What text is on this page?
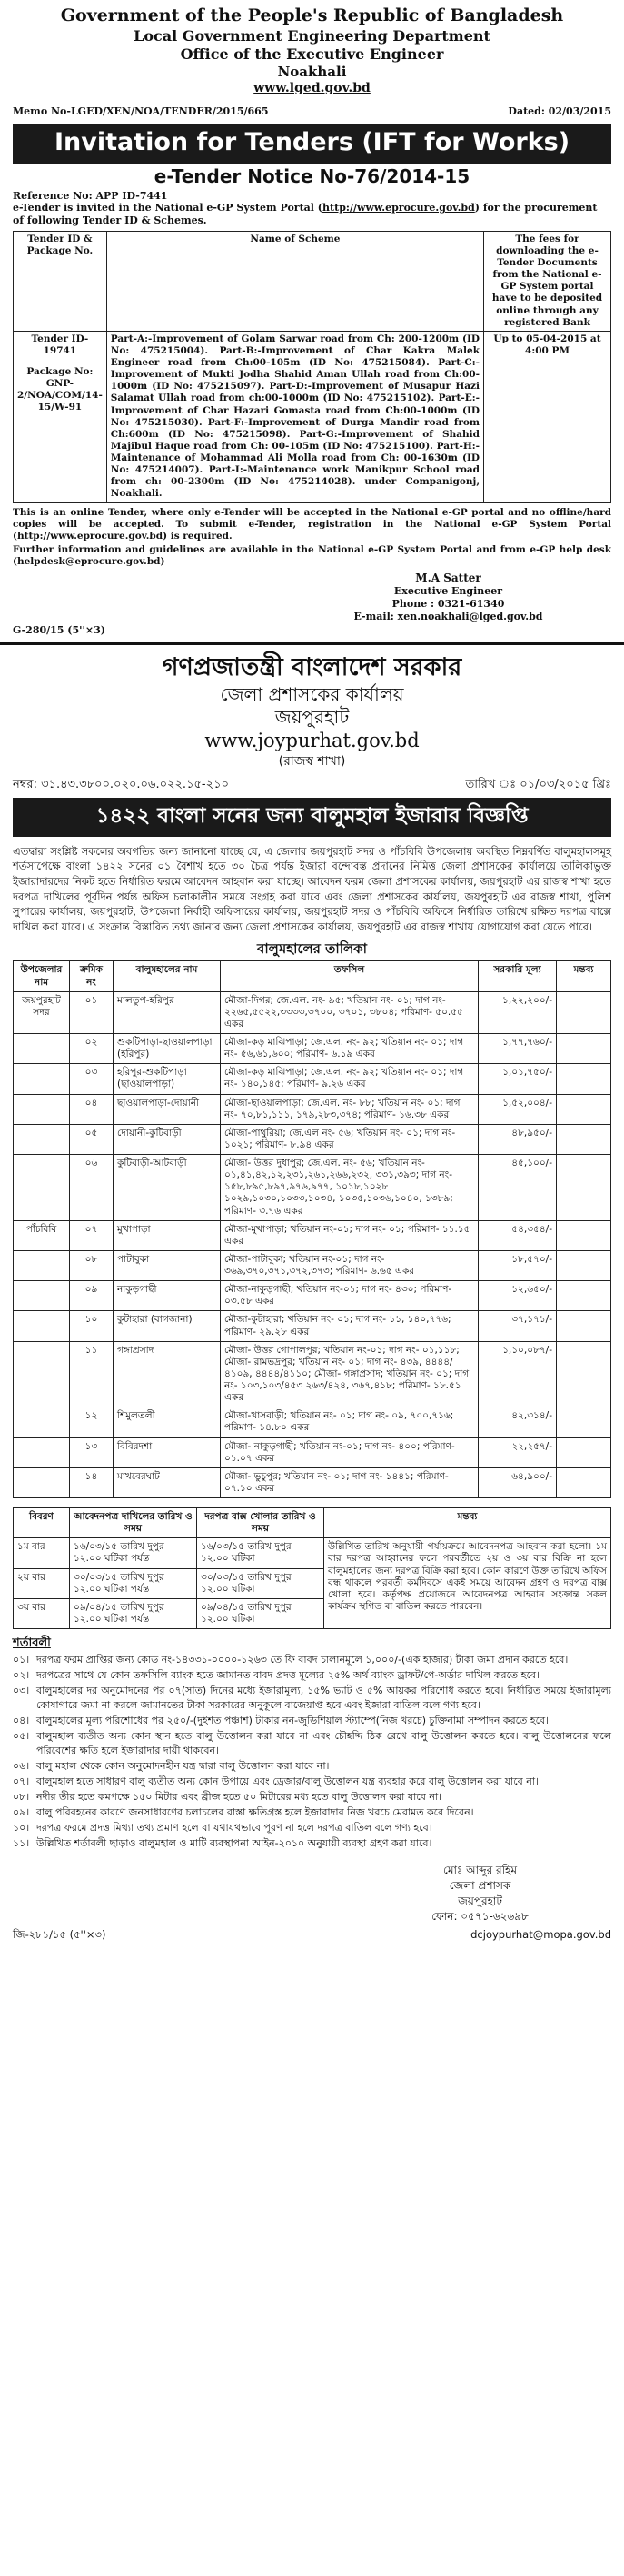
Government of the People's Republic of Bangladesh
Local Government Engineering Department
Office of the Executive Engineer
Noakhali
www.lged.gov.bd
Memo No-LGED/XEN/NOA/TENDER/2015/665	Dated: 02/03/2015
Invitation for Tenders (IFT for Works)
e-Tender Notice No-76/2014-15

Reference No: APP ID-7441

e-Tender is invited in the National e-GP System Portal (http://www.eprocure.gov.bd) for the procurement of following Tender ID & Schemes.

Tender ID & Package No.	Name of Scheme	The fees for downloading the e-Tender Documents from the National e-GP System portal have to be deposited online through any registered Bank

Tender ID-19741
Package No: GNP-2/NOA/COM/14-15/W-91	Part-A:-Improvement of Golam Sarwar road from Ch: 200-1200m (ID No: 475215004). Part-B:-Improvement of Char Kakra Malek Engineer road from Ch:00-105m (ID No: 475215084). Part-C:-Improvement of Mukti Jodha Shahid Aman Ullah road from Ch:00-1000m (ID No: 475215097). Part-D:-Improvement of Musapur Hazi Salamat Ullah road from ch:00-1000m (ID No: 475215102). Part-E:-Improvement of Char Hazari Gomasta road from Ch:00-1000m (ID No: 475215030). Part-F:-Improvement of Durga Mandir road from Ch:600m (ID No: 475215098). Part-G:-Improvement of Shahid Majibul Haque road from Ch: 00-105m (ID No: 475215100). Part-H:-Maintenance of Mohammad Ali Molla road from Ch: 00-1630m (ID No: 475214007). Part-I:-Maintenance work Manikpur School road from ch: 00-2300m (ID No: 475214028). under Companigonj, Noakhali.	Up to 05-04-2015 at 4:00 PM

This is an online Tender, where only e-Tender will be accepted in the National e-GP portal and no offline/hard copies will be accepted. To submit e-Tender, registration in the National e-GP System Portal (http://www.eprocure.gov.bd) is required.

Further information and guidelines are available in the National e-GP System Portal and from e-GP help desk (helpdesk@eprocure.gov.bd)

M.A Satter
Executive Engineer
Phone : 0321-61340
E-mail: xen.noakhali@lged.gov.bd
G-280/15 (5''×3)
গণপ্রজাতন্ত্রী বাংলাদেশ সরকার
জেলা প্রশাসকের কার্যালয়
জয়পুরহাট
www.joypurhat.gov.bd
(রাজস্ব শাখা)
নম্বর: ৩১.৪৩.৩৮০০.০২০.০৬.০২২.১৫-২১০	তারিখ ঃ ০১/০৩/২০১৫ খ্রিঃ
১৪২২ বাংলা সনের জন্য বালুমহাল ইজারার বিজ্ঞপ্তি

এতদ্বারা সংশ্লিষ্ট সকলের অবগতির জন্য জানানো যাচ্ছে যে, এ জেলার জয়পুরহাট সদর ও পাঁচবিবি উপজেলায় অবস্থিত নিম্নবর্ণিত বালুমহালসমূহ শর্তসাপেক্ষে বাংলা ১৪২২ সনের ০১ বৈশাখ হতে ৩০ চৈত্র পর্যন্ত ইজারা বন্দোবস্ত প্রদানের নিমিত্ত জেলা প্রশাসকের কার্যালয়ে তালিকাভুক্ত ইজারাদারদের নিকট হতে নির্ধারিত ফরমে আবেদন আহবান করা যাচ্ছে। আবেদন ফরম জেলা প্রশাসকের কার্যালয়, জয়পুরহাট এর রাজস্ব শাখা হতে দরপত্র দাখিলের পূর্বদিন পর্যন্ত অফিস চলাকালীন সময়ে সংগ্রহ করা যাবে এবং জেলা প্রশাসকের কার্যালয়, জয়পুরহাট এর রাজস্ব শাখা, পুলিশ সুপারের কার্যালয়, জয়পুরহাট, উপজেলা নির্বাহী অফিসারের কার্যালয়, জয়পুরহাট সদর ও পাঁচবিবি অফিসে নির্ধারিত তারিখে রক্ষিত দরপত্র বাক্সে দাখিল করা যাবে। এ সংক্রান্ত বিস্তারিত তথ্য জানার জন্য জেলা প্রশাসকের কার্যালয়, জয়পুরহাট এর রাজস্ব শাখায় যোগাযোগ করা যেতে পারে।

বালুমহালের তালিকা
উপজেলার নাম	ক্রমিক নং	বালুমহালের নাম	তফসিল	সরকারি মূল্য	মন্তব্য
জয়পুরহাট সদর	০১	মালতুপ-হরিপুর	মৌজা-দিগর; জে.এল. নং- ৯৫; খতিয়ান নং- ০১; দাগ নং- ২২৬৫,৫৫২২,৩৩৩৩,৩৭০০, ৩৭০১, ৩৮০৪; পরিমাণ- ৫০.৫৫ একর	১,২২,২০০/-	
	০২	শুকটিপাড়া-ছাওয়ালপাড়া (হরিপুর)	মৌজা-কড় মাঝিপাড়া; জে.এল. নং- ৯২; খতিয়ান নং- ০১; দাগ নং- ৫৬,৬১,৬০০; পরিমাণ- ৬.১৯ একর	১,৭৭,৭৬০/-	
	০৩	হরিপুর-শুকটিপাড়া (ছাওয়ালপাড়া)	মৌজা-কড় মাঝিপাড়া; জে.এল. নং- ৯২; খতিয়ান নং- ০১; দাগ নং- ১৪০,১৪৫; পরিমাণ- ৯.২৬ একর	১,০১,৭৫০/-	
	০৪	ছাওয়ালপাড়া-দোয়ানী	মৌজা-ছাওয়ালপাড়া; জে.এল. নং- ৮৮; খতিয়ান নং- ০১; দাগ নং- ৭০,৮১,১১১, ১৭৯,২৮৩,৩৭৪; পরিমাণ- ১৬.৩৮ একর	১,৫২,০০৪/-	
	০৫	দোয়ানী-কুটিবাড়ী	মৌজা-পাথুরিয়া; জে.এল নং- ৫৬; খতিয়ান নং- ০১; দাগ নং- ১০২১; পরিমাণ- ৮.৯৪ একর	৪৮,৯৫০/-	
	০৬	কুটিবাড়ী-আটবাড়ী	মৌজা- উত্তর দুধাপুর; জে.এল. নং- ৫৬; খতিয়ান নং- ০১,৪১,৪২,১২,২৩১,২৬১,২৬৬,২৩২, ৩৩১,৩৯৩; দাগ নং- ১৫৮,৮৯৫,৮৯৭,৯৭৬,৯৭৭, ১০১৮,১০২৮ ১০২৯,১০৩০,১০৩৩,১০৩৪, ১০৩৫,১০৩৬,১০৪০, ১৩৮৯; পরিমাণ- ৩.৭৬ একর	৪৫,১০০/-	
পাঁচবিবি	০৭	মুখাপাড়া	মৌজা-মুখাপাড়া; খতিয়ান নং-০১; দাগ নং- ০১; পরিমাণ- ১১.১৫ একর	৫৪,৩৫৪/-	
	০৮	পাটাবুকা	মৌজা-পাটাবুকা; খতিয়ান নং-০১; দাগ নং- ৩৬৯,৩৭০,৩৭১,৩৭২,৩৭৩; পরিমাণ- ৬.৬৫ একর	১৮,৫৭০/-	
	০৯	নাকুড়গাছী	মৌজা-নাকুড়গাছী; খতিয়ান নং-০১; দাগ নং- ৪৩০; পরিমাণ- ০৩.৫৮ একর	১২,৬৫০/-	
	১০	কুটাহারা (বাগজানা)	মৌজা-কুটাহারা; খতিয়ান নং- ০১; দাগ নং- ১১, ১৪০,৭৭৬; পরিমাণ- ২৯.২৮ একর	৩৭,১৭১/-	
	১১	গঙ্গাপ্রসাদ	মৌজা- উত্তর গোপালপুর; খতিয়ান নং-০১; দাগ নং- ০১,১১৮; মৌজা- রামভদ্রপুর; খতিয়ান নং- ০১; দাগ নং- ৪৩৯, ৪৪৪৪/ ৪১০৯, ৪৪৪৪/৪১১০; মৌজা- গঙ্গাপ্রসাদ; খতিয়ান নং- ০১; দাগ নং- ১০৩,১০৩/৪৫৩ ২৬৩/৪২৪, ৩৬৭,৪১৮; পরিমাণ- ১৮.৫১ একর	১,১০,০৮৭/-	
	১২	শিমুলতলী	মৌজা-খাসবাড়ী; খতিয়ান নং- ০১; দাগ নং- ০৯, ৭০০,৭১৬; পরিমাণ- ১৪.৮০ একর	৪২,৩১৪/-	
	১৩	বিবিরদশা	মৌজা- নাকুড়গাছী; খতিয়ান নং-০১; দাগ নং- ৪০০; পরিমাণ- ০১.০৭ একর	২২,২৫৭/-	
	১৪	মাখবেরঘাট	মৌজা- ভুচুপুর; খতিয়ান নং- ০১; দাগ নং- ১৪৪১; পরিমাণ- ০৭.১০ একর	৬৪,৯০০/-	
বিবরণ	আবেদনপত্র দাখিলের তারিখ ও সময়	দরপত্র বাক্স খোলার তারিখ ও সময়	মন্তব্য
১ম বার	১৬/০৩/১৫ তারিখ দুপুর ১২.০০ ঘটিকা পর্যন্ত	১৬/০৩/১৫ তারিখ দুপুর ১২.০০ ঘটিকা	উল্লিখিত তারিখ অনুযায়ী পর্যায়ক্রমে আবেদনপত্র আহবান করা হলো। ১ম বার দরপত্র আহ্বানের ফলে পরবর্তীতে ২য় ও ৩য় বার বিক্রি না হলে বালুমহালের জন্য দরপত্র বিক্রি করা হবে। কোন কারণে উক্ত তারিখে অফিস বন্ধ থাকলে পরবর্তী কর্মদিবসে একই সময়ে আবেদন গ্রহণ ও দরপত্র বাক্স খোলা হবে। কর্তৃপক্ষ প্রয়োজনে আবেদনপত্র আহবান সংক্রান্ত সকল কার্যক্রম স্থগিত বা বাতিল করতে পারবেন।
২য় বার	৩০/০৩/১৫ তারিখ দুপুর ১২.০০ ঘটিকা পর্যন্ত	৩০/০৩/১৫ তারিখ দুপুর ১২.০০ ঘটিকা	
৩য় বার	০৯/০৪/১৫ তারিখ দুপুর ১২.০০ ঘটিকা পর্যন্ত	০৯/০৪/১৫ তারিখ দুপুর ১২.০০ ঘটিকা	
শর্তাবলী
০১। দরপত্র ফরম প্রাপ্তির জন্য কোড নং-১৪৩৩১-০০০০-১২৬৩ তে ফি বাবদ চালানমূলে ১,০০০/-(এক হাজার) টাকা জমা প্রদান করতে হবে।
০২। দরপত্রের সাথে যে কোন তফসিলি ব্যাংক হতে জামানত বাবদ প্রদত্ত মূল্যের ২৫% অর্থ ব্যাংক ড্রাফট/পে-অর্ডার দাখিল করতে হবে।
০৩। বালুমহালের দর অনুমোদনের পর ০৭(সাত) দিনের মধ্যে ইজারামূল্য, ১৫% ভ্যাট ও ৫% আয়কর পরিশোধ করতে হবে। নির্ধারিত সময়ে ইজারামূল্য কোষাগারে জমা না করলে জামানতের টাকা সরকারের অনুকূলে বাজেয়াপ্ত হবে এবং ইজারা বাতিল বলে গণ্য হবে।
০৪। বালুমহালের মূল্য পরিশোধের পর ২৫০/-(দুইশত পঞ্চাশ) টাকার নন-জুডিশিয়াল স্ট্যাম্পে(নিজ খরচে) চুক্তিনামা সম্পাদন করতে হবে।
০৫। বালুমহাল ব্যতীত অন্য কোন স্থান হতে বালু উত্তোলন করা যাবে না এবং চৌহদ্দি ঠিক রেখে বালু উত্তোলন করতে হবে। বালু উত্তোলনের ফলে পরিবেশের ক্ষতি হলে ইজারাদার দায়ী থাকবেন।
০৬। বালু মহাল থেকে কোন অনুমোদনহীন যন্ত্র দ্বারা বালু উত্তোলন করা যাবে না।
০৭। বালুমহাল হতে সাধারণ বালু ব্যতীত অন্য কোন উপায়ে এবং ড্রেজার/বালু উত্তোলন যন্ত্র ব্যবহার করে বালু উত্তোলন করা যাবে না।
০৮। নদীর তীর হতে কমপক্ষে ১৫০ মিটার এবং ব্রীজ হতে ৫০ মিটারের মধ্য হতে বালু উত্তোলন করা যাবে না।
০৯। বালু পরিবহনের কারণে জনসাধারণের চলাচলের রাস্তা ক্ষতিগ্রস্ত হলে ইজারাদার নিজ খরচে মেরামত করে দিবেন।
১০। দরপত্র ফরমে প্রদত্ত মিথ্যা তথ্য প্রমাণ হলে বা যথাযথভাবে পূরণ না হলে দরপত্র বাতিল বলে গণ্য হবে।
১১। উল্লিখিত শর্তাবলী ছাড়াও বালুমহাল ও মাটি ব্যবস্থাপনা আইন-২০১০ অনুযায়ী ব্যবস্থা গ্রহণ করা যাবে।
মোঃ আব্দুর রহিম
জেলা প্রশাসক
জয়পুরহাট
ফোন: ০৫৭১-৬২৬৯৮
জি-২৮১/১৫ (৫''×৩)	dcjoypurhat@mopa.gov.bd
